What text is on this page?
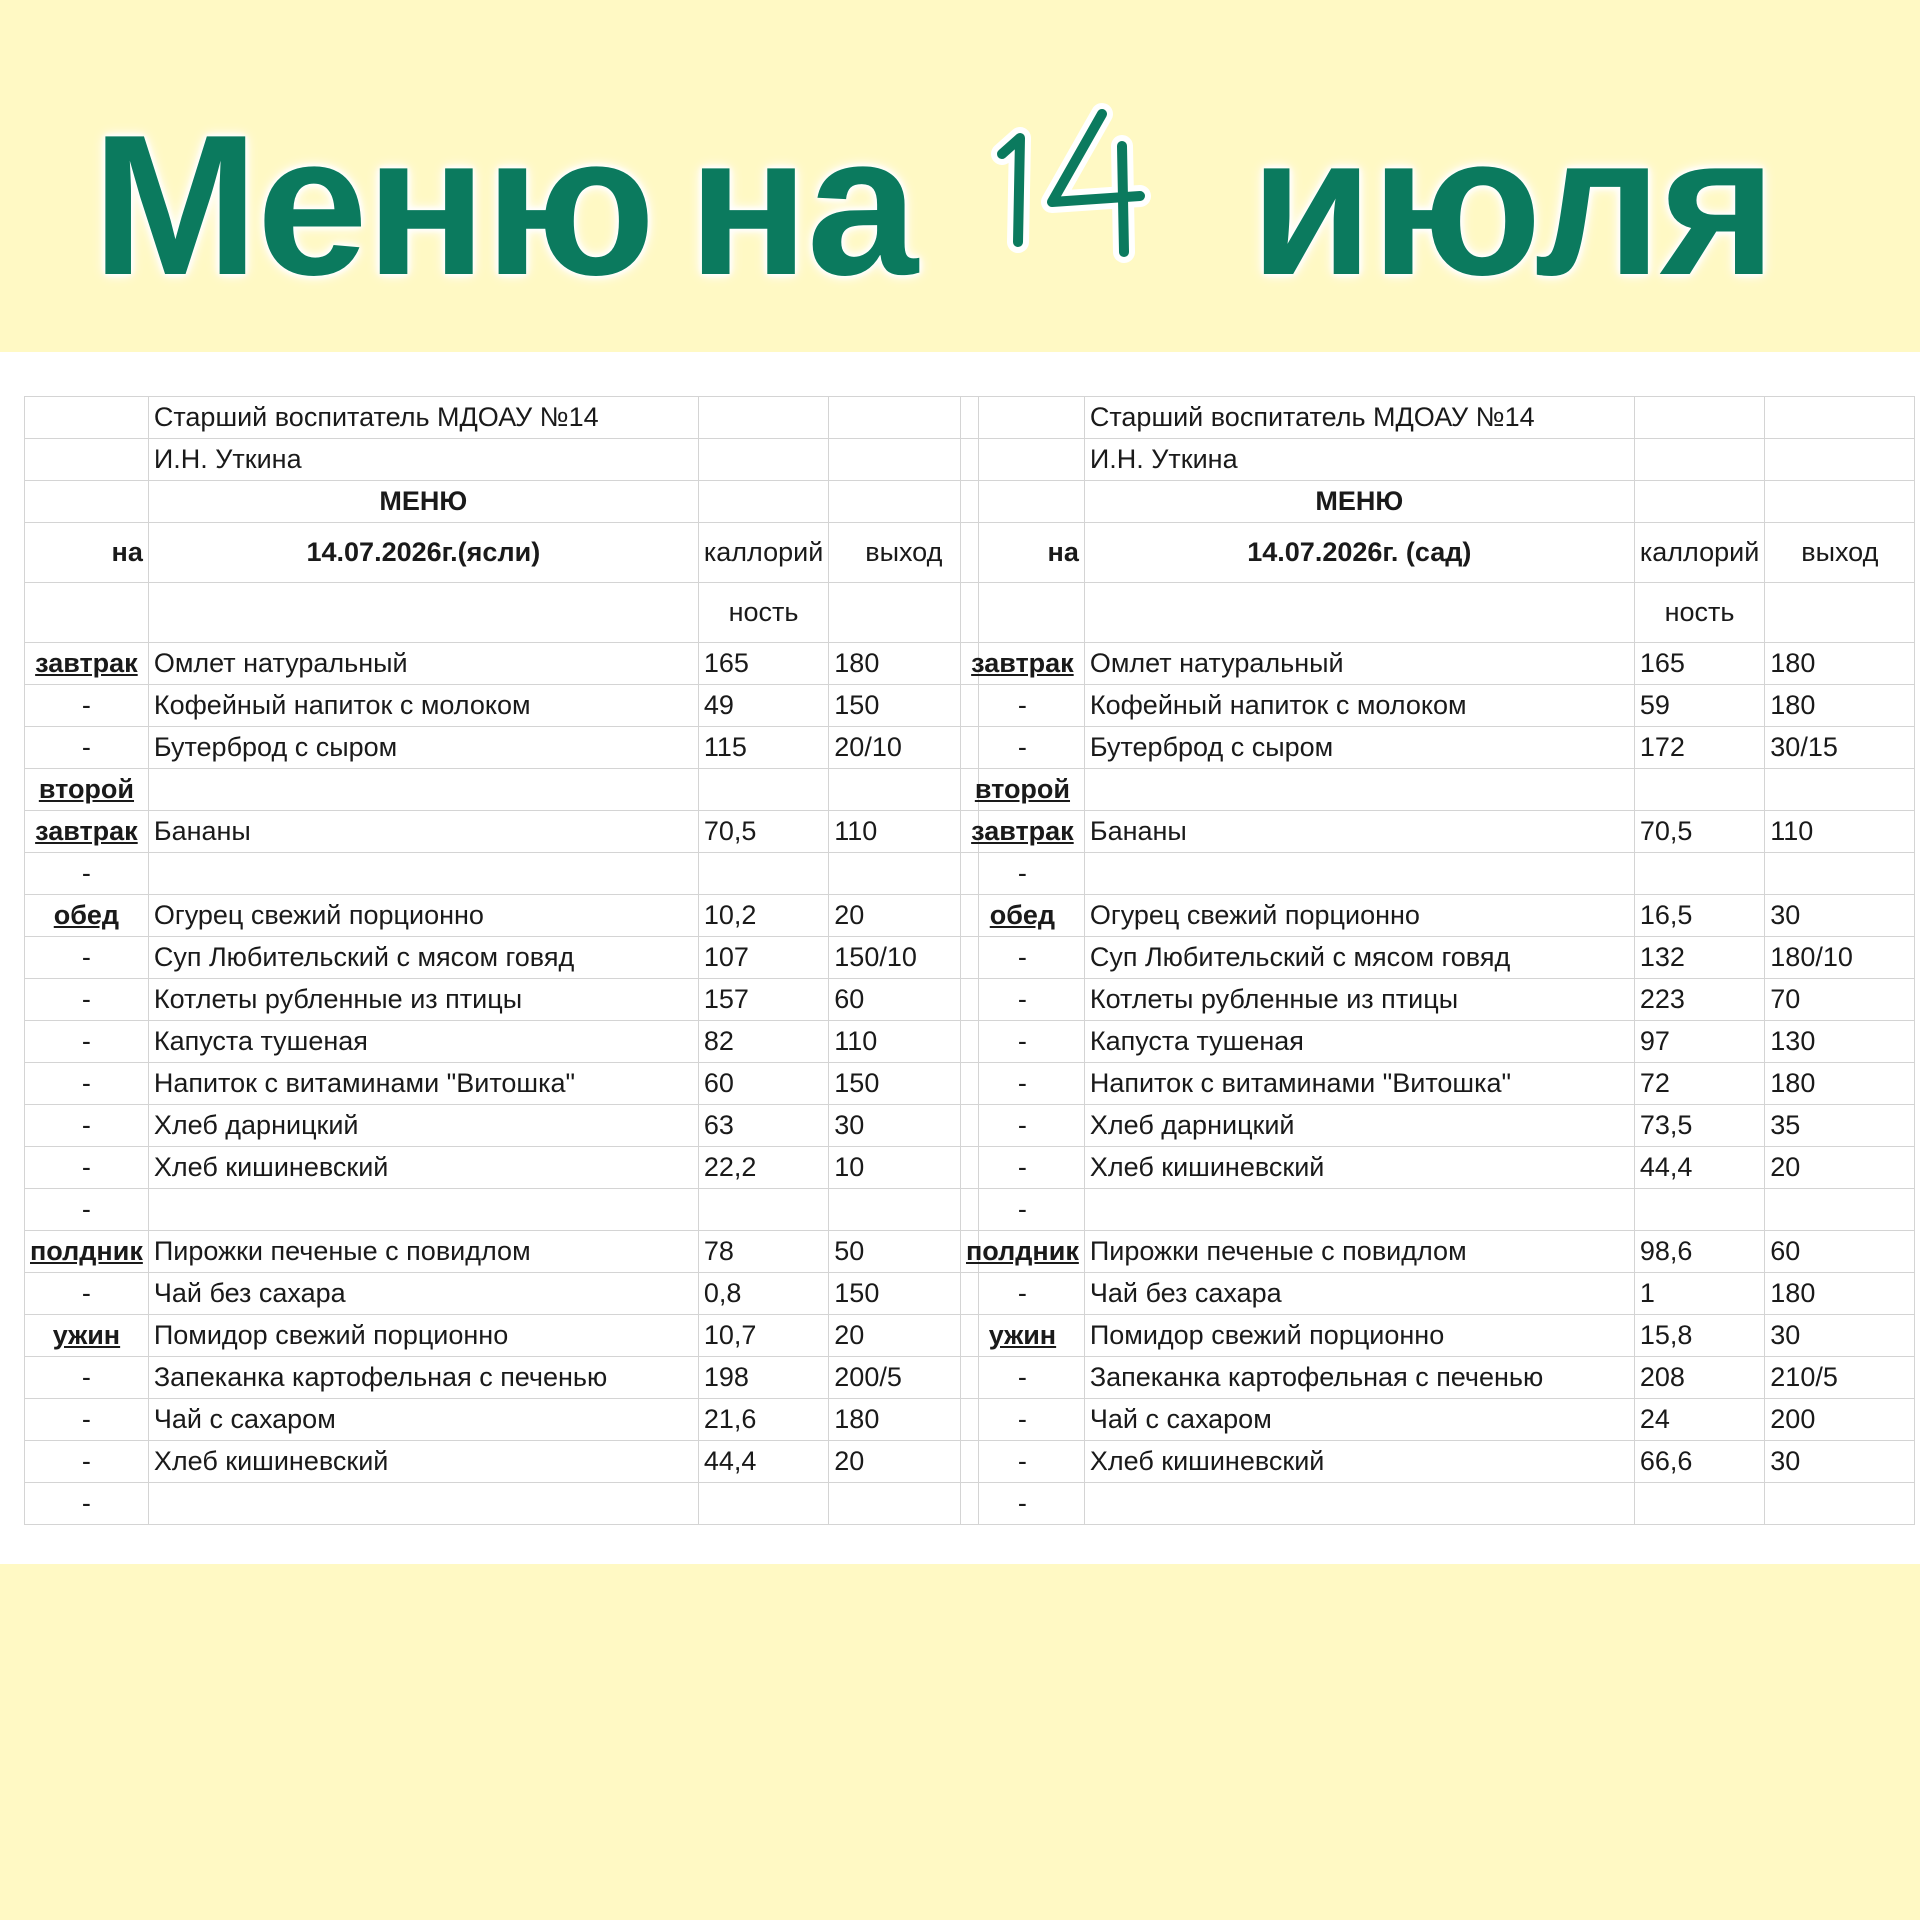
Меню на июля
	Старший воспитатель МДОАУ №14		
	И.Н. Уткина		
	МЕНЮ		
на	14.07.2026г.(ясли)	каллорий	выход
		ность	
завтрак	Омлет натуральный	165	180
-	Кофейный напиток с молоком	49	150
-	Бутерброд с сыром	115	20/10
второй			
завтрак	Бананы	70,5	110
-			
обед	Огурец свежий порционно	10,2	20
-	Суп Любительский с мясом говяд	107	150/10
-	Котлеты рубленные из птицы	157	60
-	Капуста тушеная	82	110
-	Напиток с витаминами "Витошка"	60	150
-	Хлеб дарницкий	63	30
-	Хлеб кишиневский	22,2	10
-			
полдник	Пирожки печеные с повидлом	78	50
-	Чай без сахара	0,8	150
ужин	Помидор свежий порционно	10,7	20
-	Запеканка картофельная с печенью	198	200/5
-	Чай с сахаром	21,6	180
-	Хлеб кишиневский	44,4	20
-			
	Старший воспитатель МДОАУ №14		
	И.Н. Уткина		
	МЕНЮ		
на	14.07.2026г. (сад)	каллорий	выход
		ность	
завтрак	Омлет натуральный	165	180
-	Кофейный напиток с молоком	59	180
-	Бутерброд с сыром	172	30/15
второй			
завтрак	Бананы	70,5	110
-			
обед	Огурец свежий порционно	16,5	30
-	Суп Любительский с мясом говяд	132	180/10
-	Котлеты рубленные из птицы	223	70
-	Капуста тушеная	97	130
-	Напиток с витаминами "Витошка"	72	180
-	Хлеб дарницкий	73,5	35
-	Хлеб кишиневский	44,4	20
-			
полдник	Пирожки печеные с повидлом	98,6	60
-	Чай без сахара	1	180
ужин	Помидор свежий порционно	15,8	30
-	Запеканка картофельная с печенью	208	210/5
-	Чай с сахаром	24	200
-	Хлеб кишиневский	66,6	30
-			
